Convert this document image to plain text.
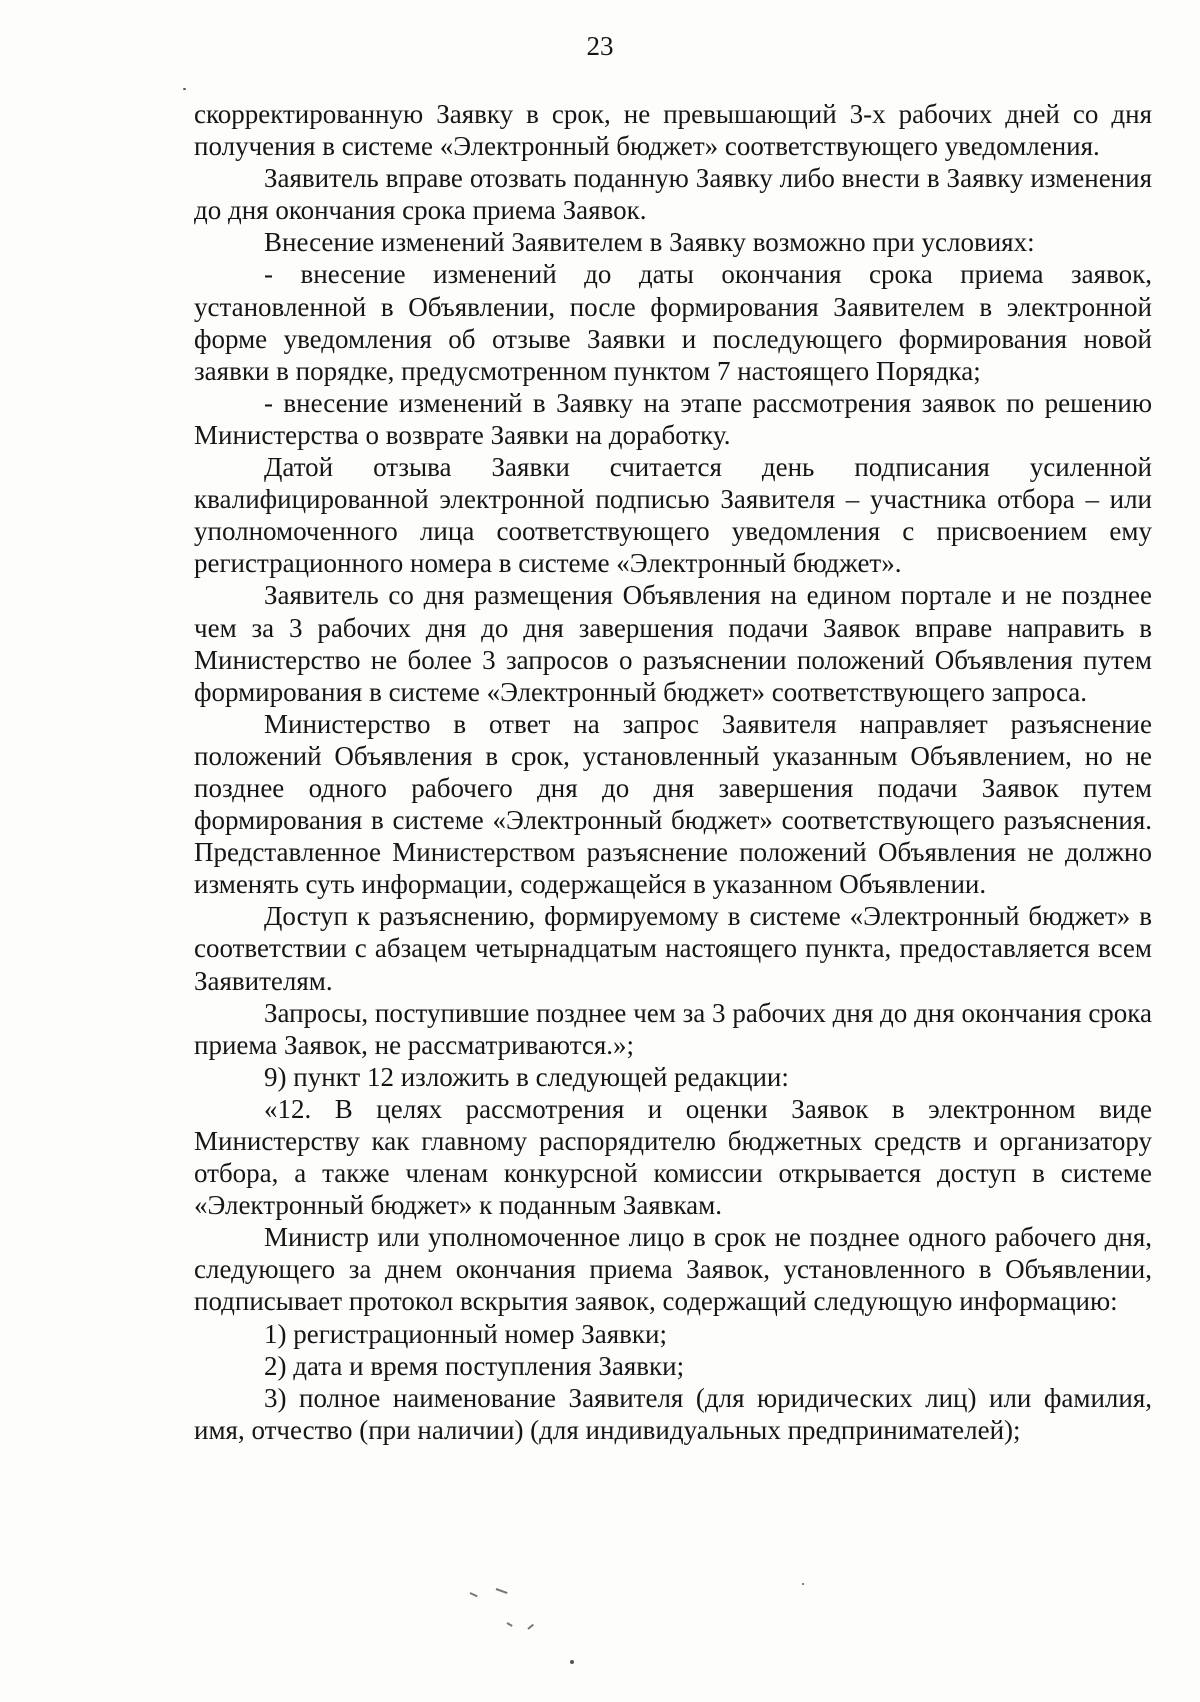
23

скорректированную Заявку в срок, не превышающий 3-х рабочих дней со дня получения в системе «Электронный бюджет» соответствующего уведомления.

Заявитель вправе отозвать поданную Заявку либо внести в Заявку изменения до дня окончания срока приема Заявок.

Внесение изменений Заявителем в Заявку возможно при условиях:

- внесение изменений до даты окончания срока приема заявок, установленной в Объявлении, после формирования Заявителем в электронной форме уведомления об отзыве Заявки и последующего формирования новой заявки в порядке, предусмотренном пунктом 7 настоящего Порядка;

- внесение изменений в Заявку на этапе рассмотрения заявок по решению Министерства о возврате Заявки на доработку.

Датой отзыва Заявки считается день подписания усиленной квалифицированной электронной подписью Заявителя – участника отбора – или уполномоченного лица соответствующего уведомления с присвоением ему регистрационного номера в системе «Электронный бюджет».

Заявитель со дня размещения Объявления на едином портале и не позднее чем за 3 рабочих дня до дня завершения подачи Заявок вправе направить в Министерство не более 3 запросов о разъяснении положений Объявления путем формирования в системе «Электронный бюджет» соответствующего запроса.

Министерство в ответ на запрос Заявителя направляет разъяснение положений Объявления в срок, установленный указанным Объявлением, но не позднее одного рабочего дня до дня завершения подачи Заявок путем формирования в системе «Электронный бюджет» соответствующего разъяснения. Представленное Министерством разъяснение положений Объявления не должно изменять суть информации, содержащейся в указанном Объявлении.

Доступ к разъяснению, формируемому в системе «Электронный бюджет» в соответствии с абзацем четырнадцатым настоящего пункта, предоставляется всем Заявителям.

Запросы, поступившие позднее чем за 3 рабочих дня до дня окончания срока приема Заявок, не рассматриваются.»;

9) пункт 12 изложить в следующей редакции:

«12. В целях рассмотрения и оценки Заявок в электронном виде Министерству как главному распорядителю бюджетных средств и организатору отбора, а также членам конкурсной комиссии открывается доступ в системе «Электронный бюджет» к поданным Заявкам.

Министр или уполномоченное лицо в срок не позднее одного рабочего дня, следующего за днем окончания приема Заявок, установленного в Объявлении, подписывает протокол вскрытия заявок, содержащий следующую информацию:

1) регистрационный номер Заявки;

2) дата и время поступления Заявки;

3) полное наименование Заявителя (для юридических лиц) или фамилия, имя, отчество (при наличии) (для индивидуальных предпринимателей);
